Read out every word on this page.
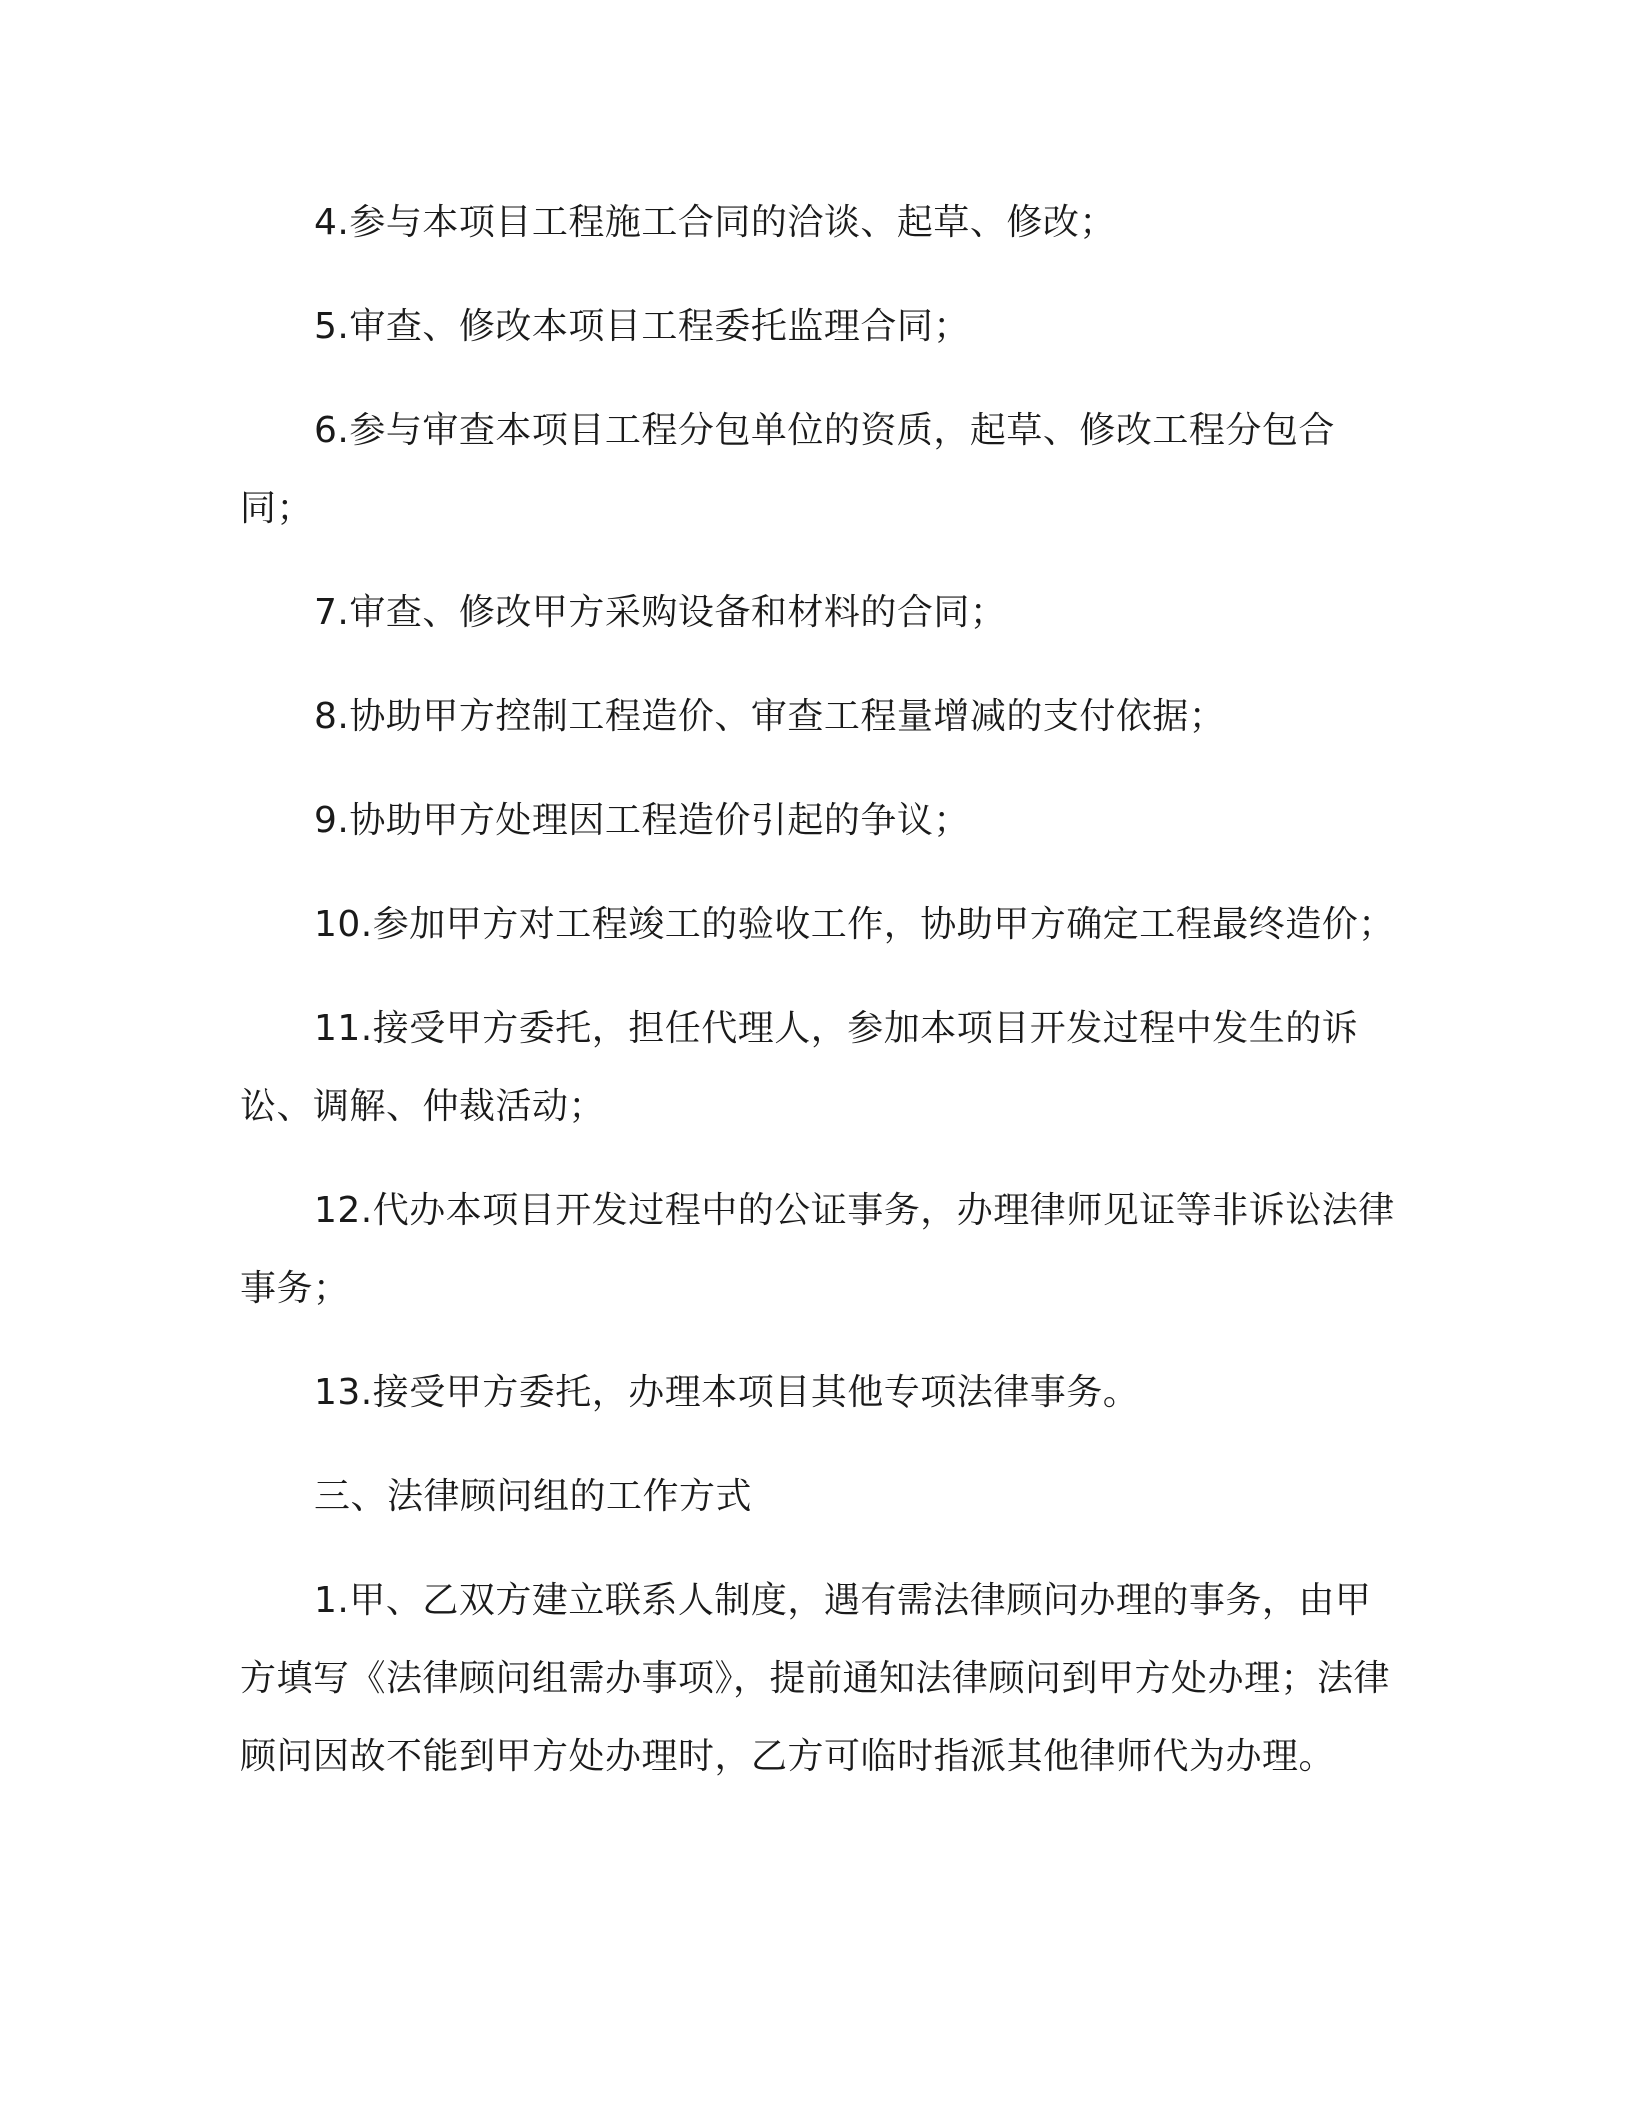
4.参与本项目工程施工合同的洽谈、起草、修改；

5.审查、修改本项目工程委托监理合同；

6.参与审查本项目工程分包单位的资质，起草、修改工程分包合同；

7.审查、修改甲方采购设备和材料的合同；

8.协助甲方控制工程造价、审查工程量增减的支付依据；

9.协助甲方处理因工程造价引起的争议；

10.参加甲方对工程竣工的验收工作，协助甲方确定工程最终造价；

11.接受甲方委托，担任代理人，参加本项目开发过程中发生的诉讼、调解、仲裁活动；

12.代办本项目开发过程中的公证事务，办理律师见证等非诉讼法律事务；

13.接受甲方委托，办理本项目其他专项法律事务。

三、法律顾问组的工作方式

1.甲、乙双方建立联系人制度，遇有需法律顾问办理的事务，由甲方填写《法律顾问组需办事项》，提前通知法律顾问到甲方处办理；法律顾问因故不能到甲方处办理时，乙方可临时指派其他律师代为办理。
